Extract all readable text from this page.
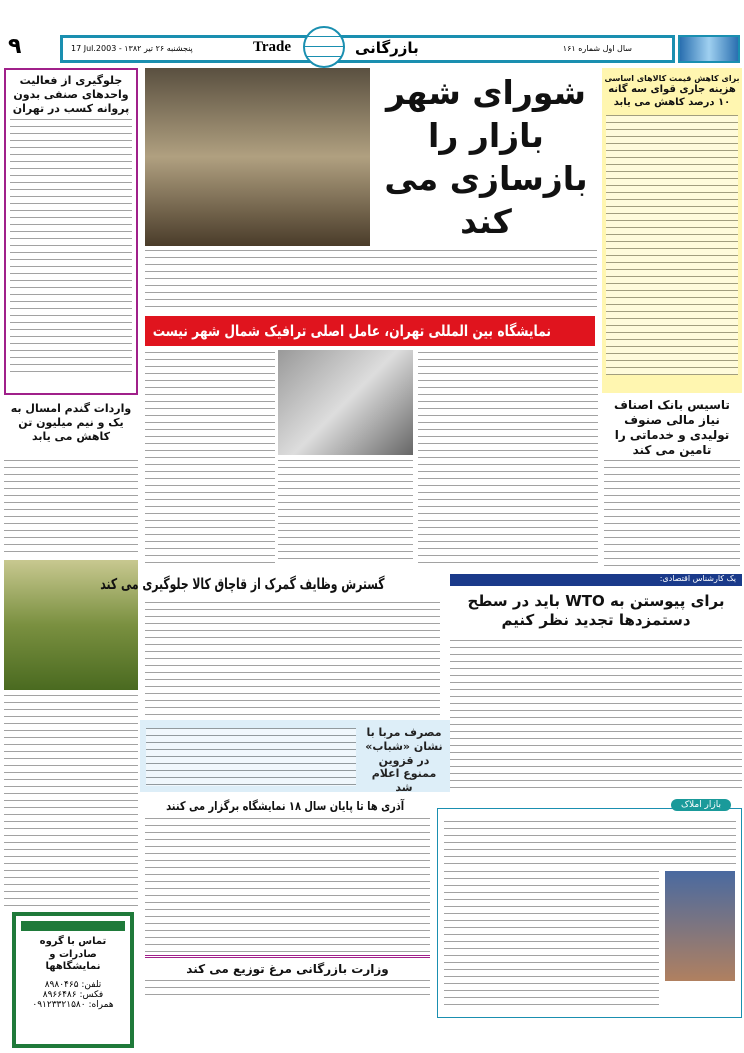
۹	17 Jul.2003 - پنجشنبه ۲۶ تیر ۱۳۸۲	Trade	بازرگانی	سال اول شماره ۱۶۱
برای کاهش قیمت کالاهای اساسی
هزینه جاری قوای سه گانه ۱۰ درصد کاهش می یابد
تاسیس بانک اصناف نیاز مالی صنوف تولیدی و خدماتی را تامین می کند
شورای شهر بازار را بازسازی می کند
جلوگیری از فعالیت واحدهای صنفی بدون پروانه کسب در تهران
واردات گندم امسال به یک و نیم میلیون تن کاهش می یابد
تماس با گروه صادرات و نمایشگاهها
تلفن: ۸۹۸۰۴۶۵
فکس: ۸۹۶۶۴۸۶
همراه: ۰۹۱۲۳۳۲۱۵۸۰
نمایشگاه بین المللی تهران، عامل اصلی ترافیک شمال شهر نیست
گسترش وظایف گمرک از قاچاق کالا جلوگیری می کند	یک کارشناس اقتصادی:
برای پیوستن به WTO باید در سطح دستمزدها تجدید نظر کنیم
مصرف مربا با نشان «شباب» در قزوین ممنوع اعلام شد
آذری ها تا پایان سال ۱۸ نمایشگاه برگزار می کنند
وزارت بازرگانی مرغ توزیع می کند
بازار املاک
